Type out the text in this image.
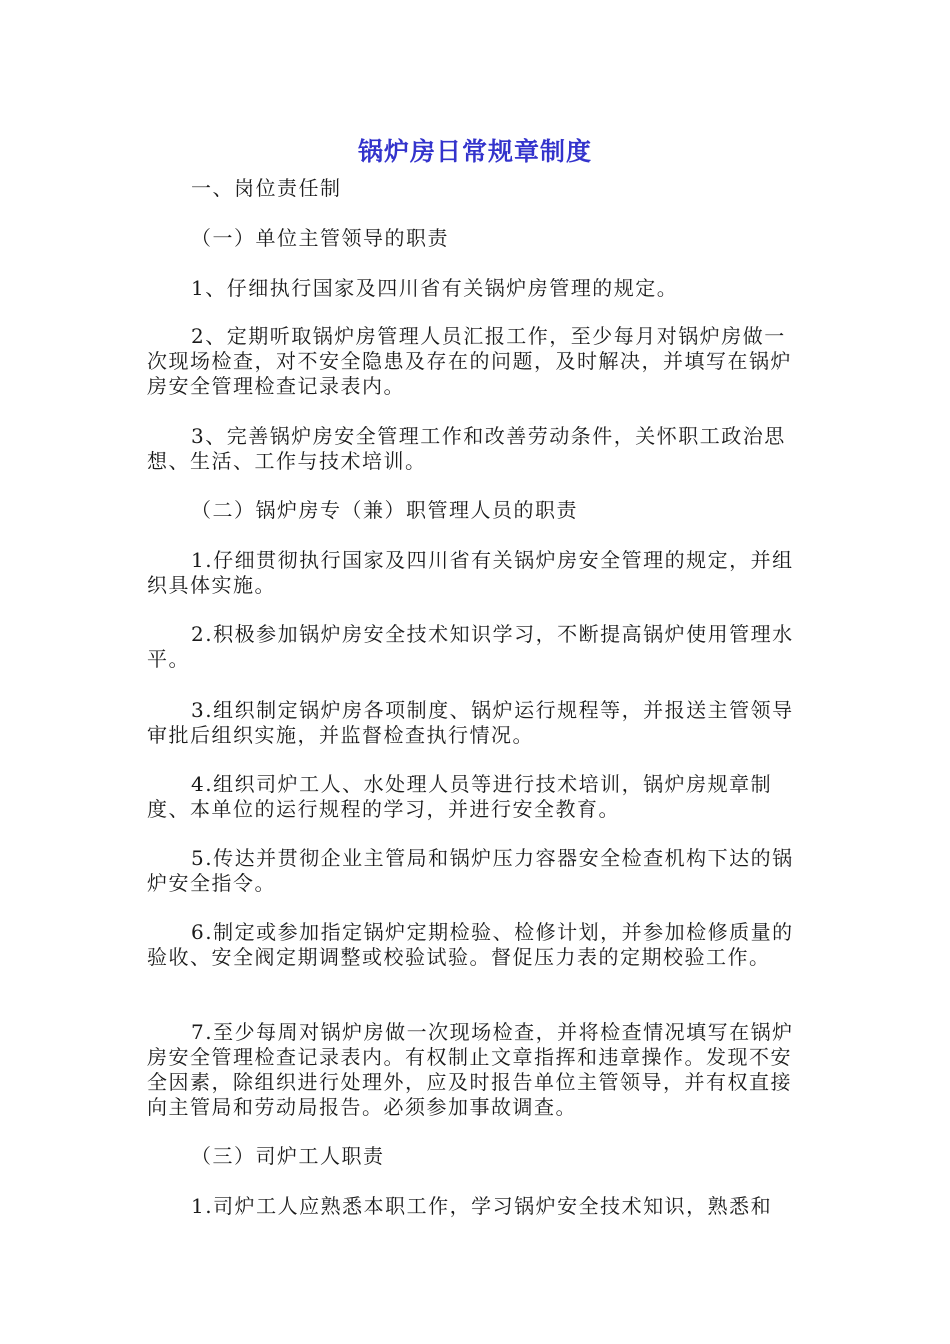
锅炉房日常规章制度

一、岗位责任制

（一）单位主管领导的职责

1、仔细执行国家及四川省有关锅炉房管理的规定。

2、定期听取锅炉房管理人员汇报工作，至少每月对锅炉房做一次现场检查，对不安全隐患及存在的问题，及时解决，并填写在锅炉房安全管理检查记录表内。

3、完善锅炉房安全管理工作和改善劳动条件，关怀职工政治思想、生活、工作与技术培训。

（二）锅炉房专（兼）职管理人员的职责

1.仔细贯彻执行国家及四川省有关锅炉房安全管理的规定，并组织具体实施。

2.积极参加锅炉房安全技术知识学习，不断提高锅炉使用管理水平。

3.组织制定锅炉房各项制度、锅炉运行规程等，并报送主管领导审批后组织实施，并监督检查执行情况。

4.组织司炉工人、水处理人员等进行技术培训，锅炉房规章制度、本单位的运行规程的学习，并进行安全教育。

5.传达并贯彻企业主管局和锅炉压力容器安全检查机构下达的锅炉安全指令。

6.制定或参加指定锅炉定期检验、检修计划，并参加检修质量的验收、安全阀定期调整或校验试验。督促压力表的定期校验工作。

7.至少每周对锅炉房做一次现场检查，并将检查情况填写在锅炉房安全管理检查记录表内。有权制止文章指挥和违章操作。发现不安全因素，除组织进行处理外，应及时报告单位主管领导，并有权直接向主管局和劳动局报告。必须参加事故调查。

（三）司炉工人职责

1.司炉工人应熟悉本职工作，学习锅炉安全技术知识，熟悉和
